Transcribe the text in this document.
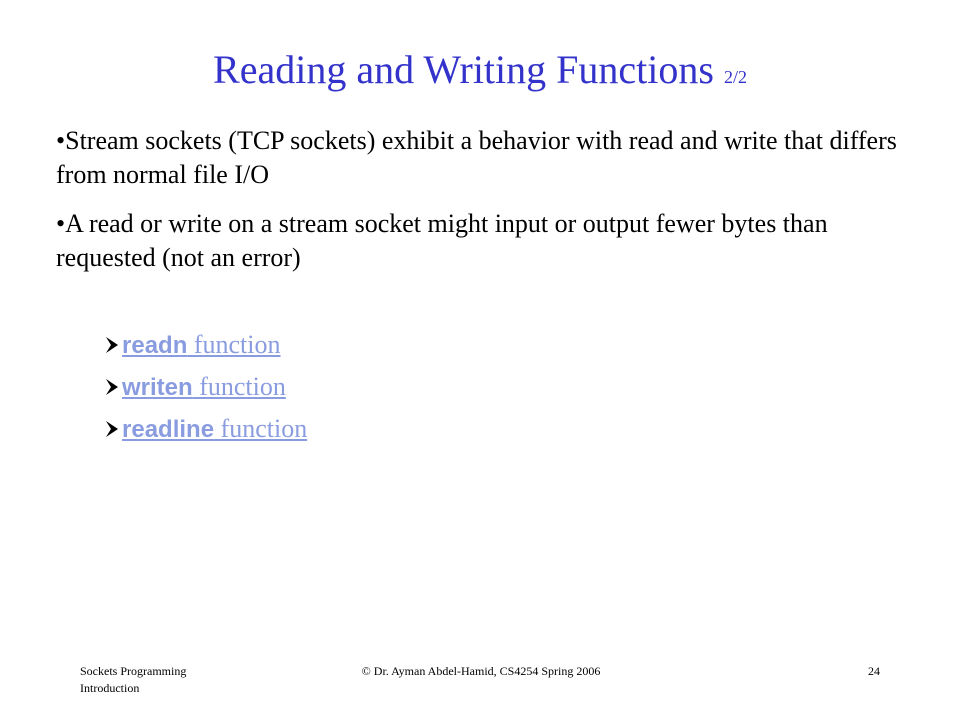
Reading and Writing Functions 2/2
•Stream sockets (TCP sockets) exhibit a behavior with read and write that differs from normal file I/O
•A read or write on a stream socket might input or output fewer bytes than requested (not an error)
readn function
writen function
readline function
Sockets Programming
Introduction
© Dr. Ayman Abdel-Hamid, CS4254 Spring 2006	24
